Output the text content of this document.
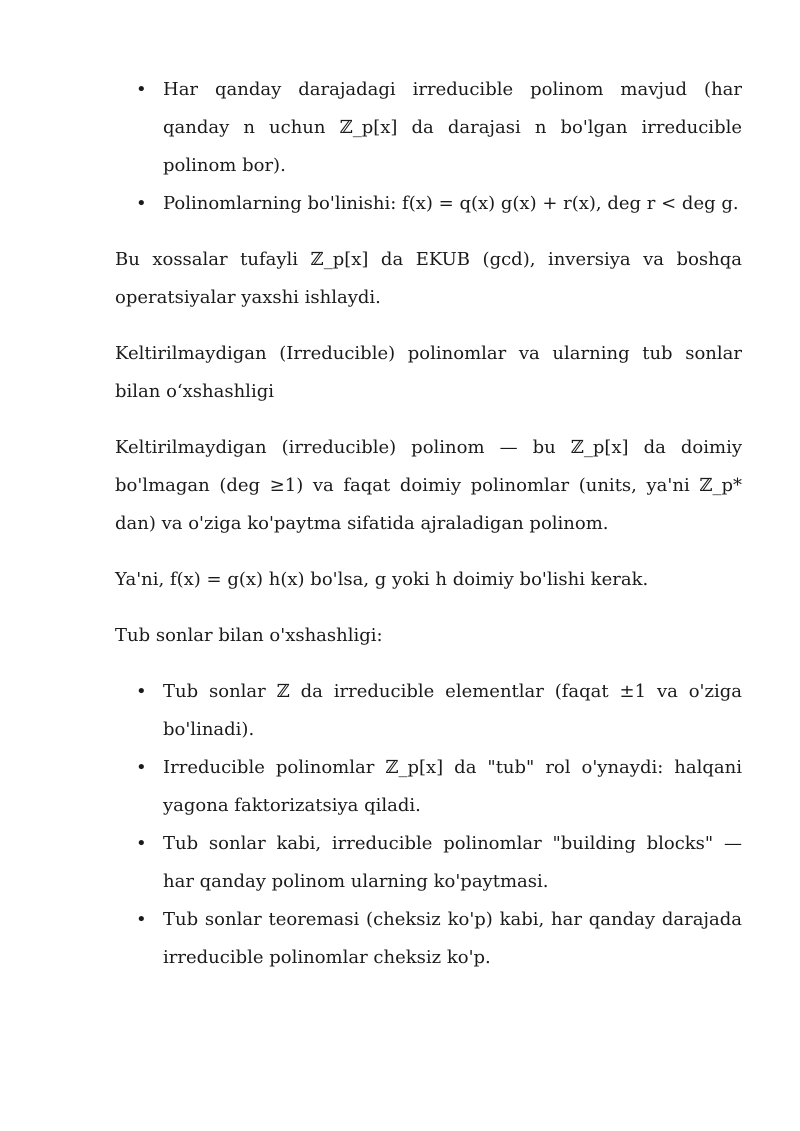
• Har qanday darajadagi irreducible polinom mavjud (har qanday n uchun ℤ_p[x] da darajasi n bo'lgan irreducible polinom bor).
• Polinomlarning bo'linishi: f(x) = q(x) g(x) + r(x), deg r < deg g.

Bu xossalar tufayli ℤ_p[x] da EKUB (gcd), inversiya va boshqa operatsiyalar yaxshi ishlaydi.

Keltirilmaydigan (Irreducible) polinomlar va ularning tub sonlar bilan o‘xshashligi

Keltirilmaydigan (irreducible) polinom — bu ℤ_p[x] da doimiy bo'lmagan (deg ≥1) va faqat doimiy polinomlar (units, ya'ni ℤ_p* dan) va o'ziga ko'paytma sifatida ajraladigan polinom.

Ya'ni, f(x) = g(x) h(x) bo'lsa, g yoki h doimiy bo'lishi kerak.

Tub sonlar bilan o'xshashligi:

• Tub sonlar ℤ da irreducible elementlar (faqat ±1 va o'ziga bo'linadi).
• Irreducible polinomlar ℤ_p[x] da "tub" rol o'ynaydi: halqani yagona faktorizatsiya qiladi.
• Tub sonlar kabi, irreducible polinomlar "building blocks" — har qanday polinom ularning ko'paytmasi.
• Tub sonlar teoremasi (cheksiz ko'p) kabi, har qanday darajada irreducible polinomlar cheksiz ko'p.
